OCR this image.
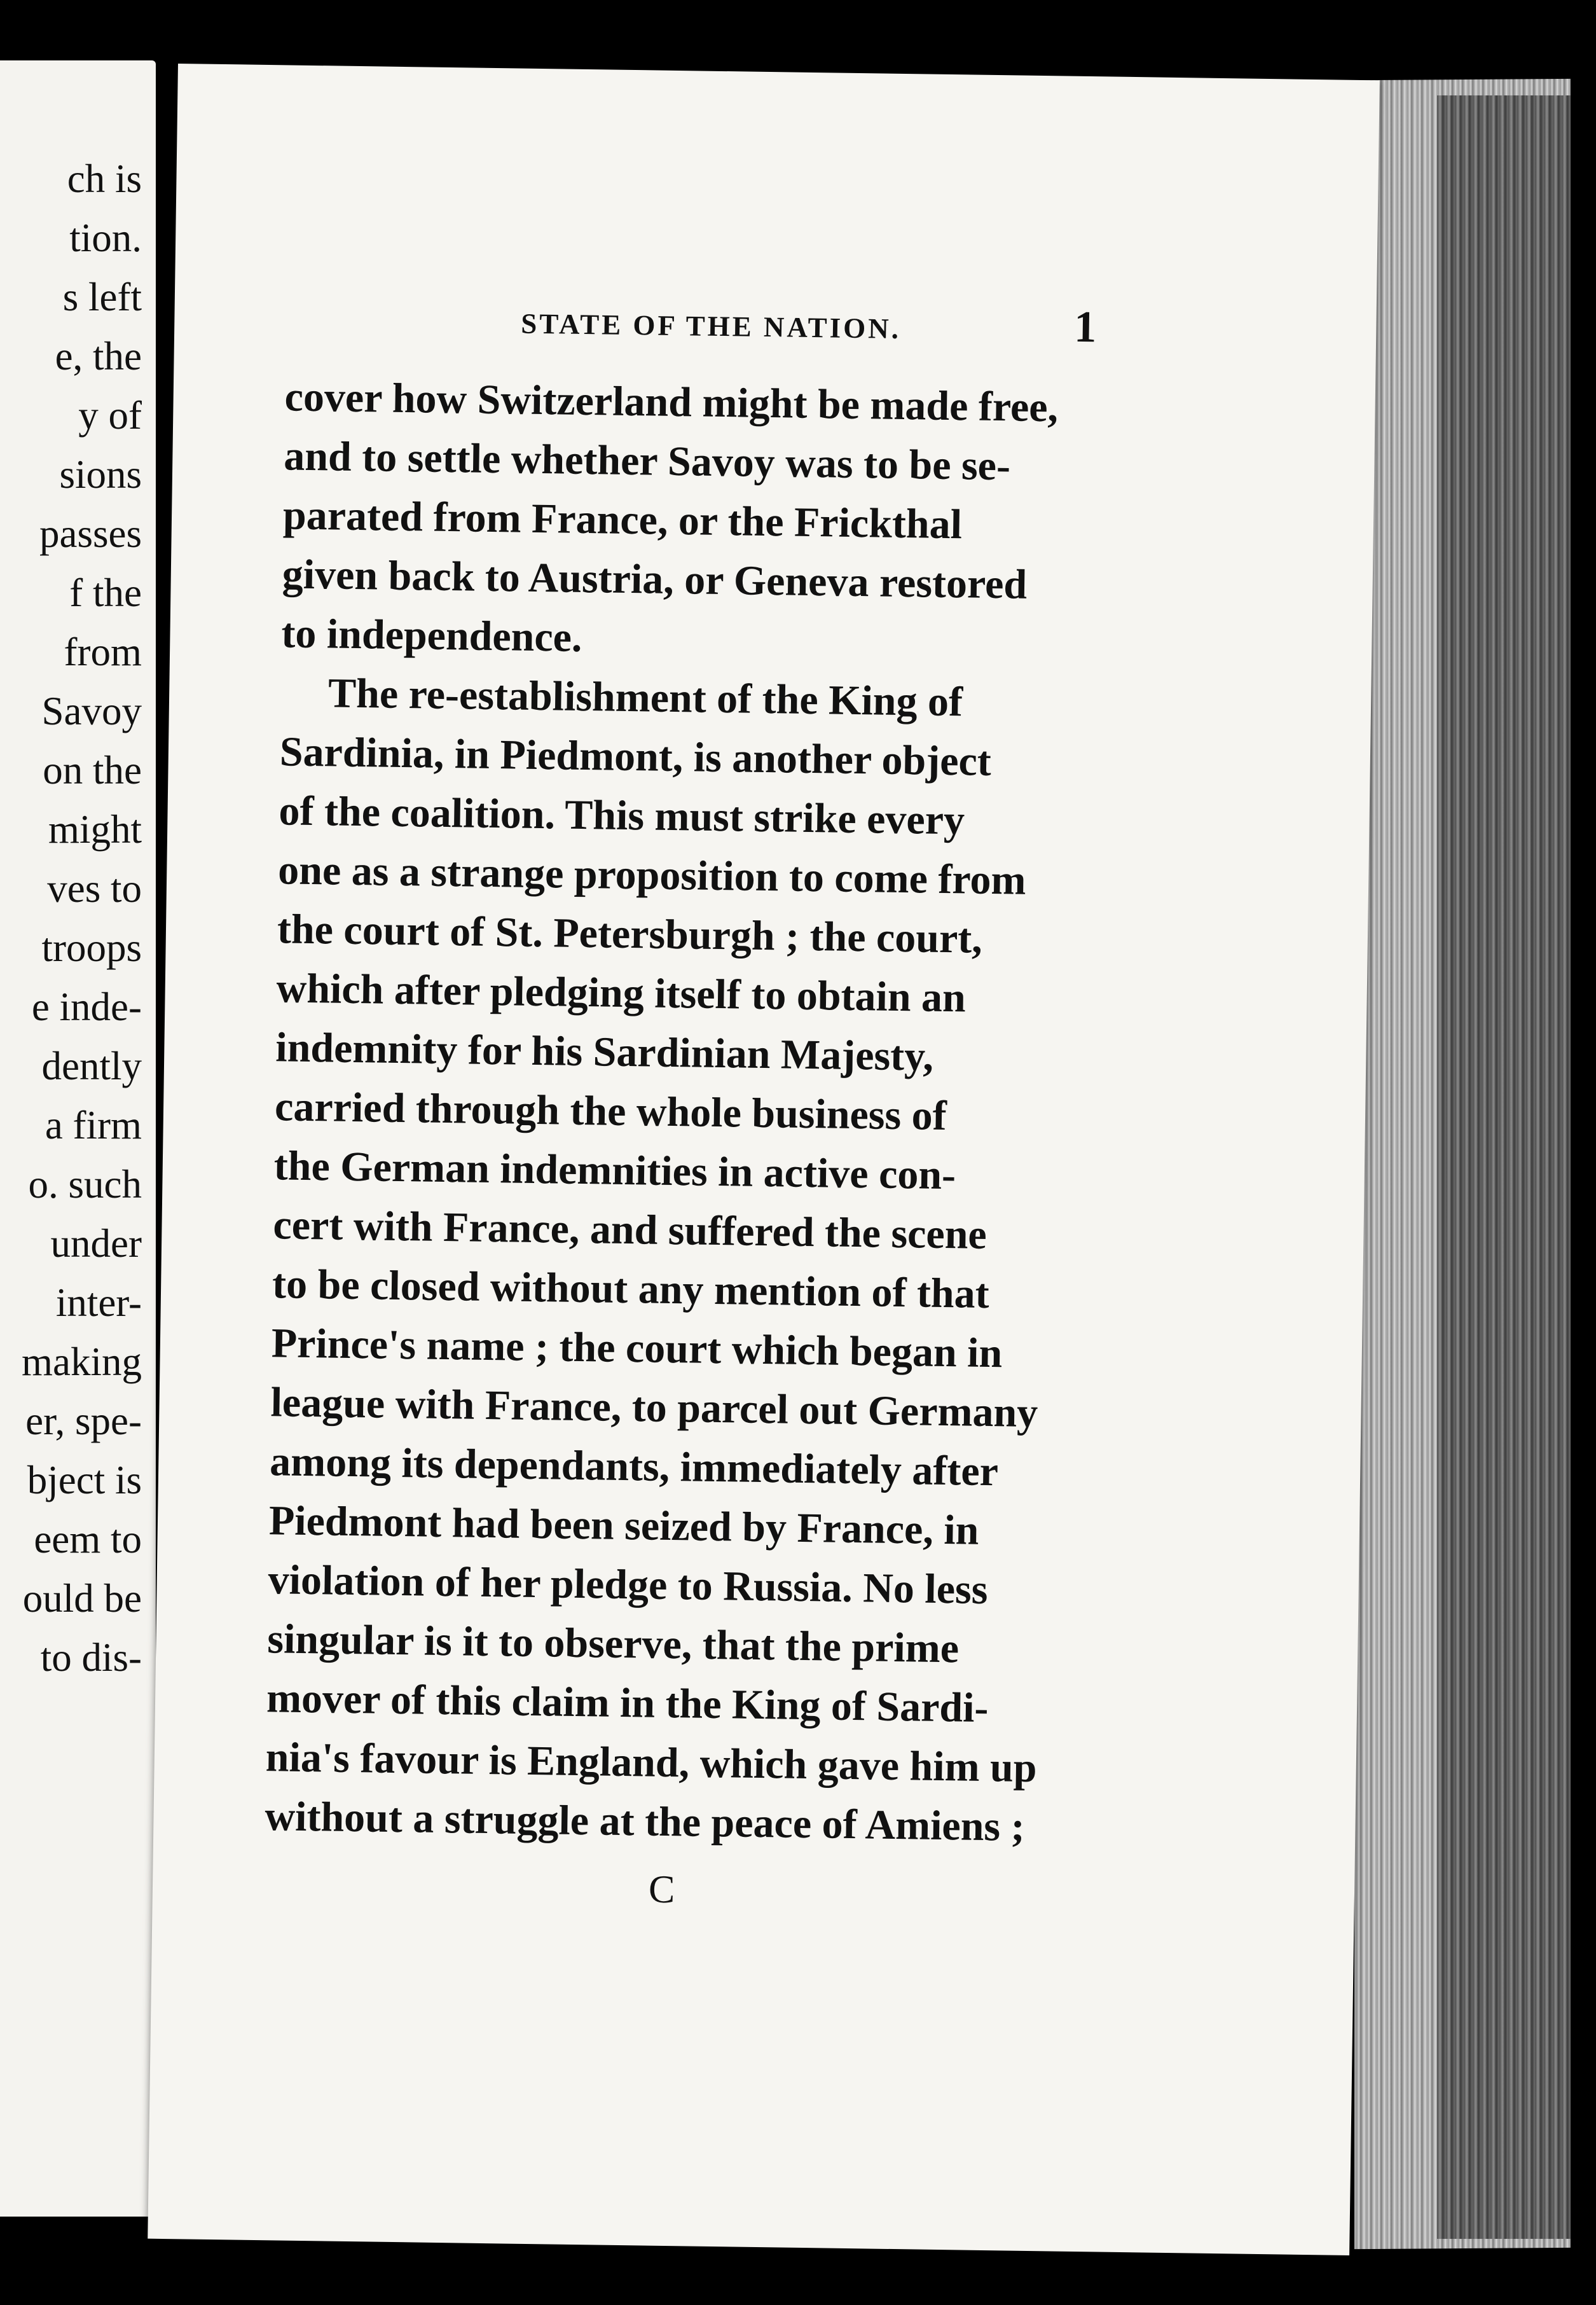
ch is
tion.
s left
e, the
y of
sions
passes
f the
from
Savoy
on the
might
ves to
troops
e inde-
dently
a firm
o. such
under
inter-
making
er, spe-
bject is
eem to
ould be
to dis-
STATE OF THE NATION.	1
cover how Switzerland might be made free,
and to settle whether Savoy was to be se-
parated from France, or the Frickthal
given back to Austria, or Geneva restored
to independence.
The re-establishment of the King of
Sardinia, in Piedmont, is another object
of the coalition. This must strike every
one as a strange proposition to come from
the court of St. Petersburgh ; the court,
which after pledging itself to obtain an
indemnity for his Sardinian Majesty,
carried through the whole business of
the German indemnities in active con-
cert with France, and suffered the scene
to be closed without any mention of that
Prince's name ; the court which began in
league with France, to parcel out Germany
among its dependants, immediately after
Piedmont had been seized by France, in
violation of her pledge to Russia. No less
singular is it to observe, that the prime
mover of this claim in the King of Sardi-
nia's favour is England, which gave him up
without a struggle at the peace of Amiens ;
C
